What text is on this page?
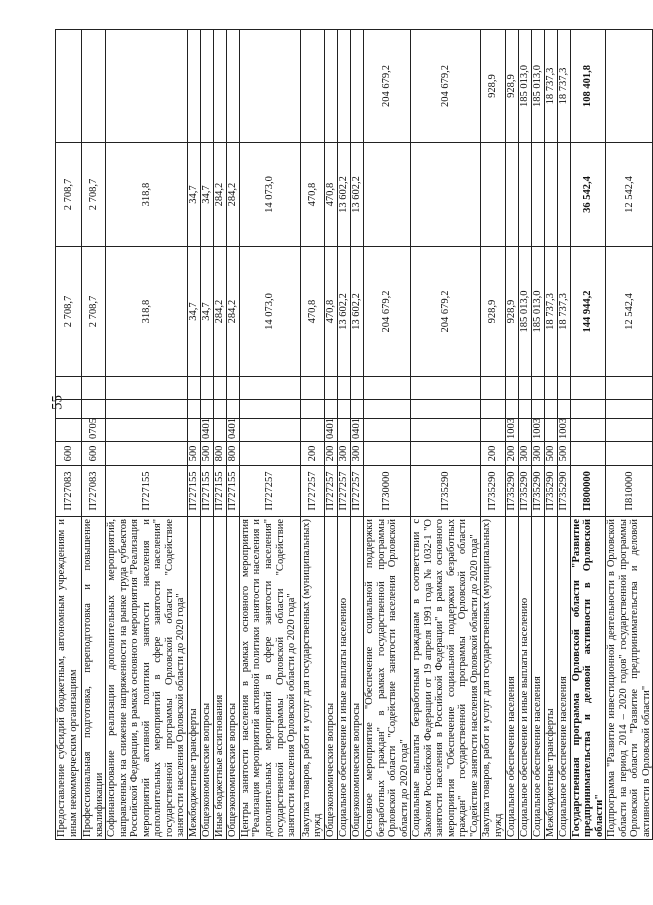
55
Предоставление субсидий бюджетным, автономным учреждениям и иным некоммерческим организациям	П727083	600				2 708,7	2 708,7	
Профессиональная подготовка, переподготовка и повышение квалификации	П727083	600	0705			2 708,7	2 708,7	
Софинансирование реализации дополнительных мероприятий, направленных на снижение напряженности на рынке труда субъектов Российской Федерации, в рамках основного мероприятия "Реализация мероприятий активной политики занятости населения и дополнительных мероприятий в сфере занятости населения" государственной программы Орловской области "Содействие занятости населения Орловской области до 2020 года"	П727155					318,8	318,8	
Межбюджетные трансферты	П727155	500				34,7	34,7	
Общеэкономические вопросы	П727155	500	0401			34,7	34,7	
Иные бюджетные ассигнования	П727155	800				284,2	284,2	
Общеэкономические вопросы	П727155	800	0401			284,2	284,2	
Центры занятости населения в рамках основного мероприятия "Реализация мероприятий активной политики занятости населения и дополнительных мероприятий в сфере занятости населения" государственной программы Орловской области "Содействие занятости населения Орловской области до 2020 года"	П727257					14 073,0	14 073,0	
Закупка товаров, работ и услуг для государственных (муниципальных) нужд	П727257	200				470,8	470,8	
Общеэкономические вопросы	П727257	200	0401			470,8	470,8	
Социальное обеспечение и иные выплаты населению	П727257	300				13 602,2	13 602,2	
Общеэкономические вопросы	П727257	300	0401			13 602,2	13 602,2	
Основное мероприятие "Обеспечение социальной поддержки безработных граждан" в рамках государственной программы Орловской области "Содействие занятости населения Орловской области до 2020 года"	П730000					204 679,2		204 679,2
Социальные выплаты безработным гражданам в соответствии с Законом Российской Федерации от 19 апреля 1991 года № 1032-1 "О занятости населения в Российской Федерации" в рамках основного мероприятия "Обеспечение социальной поддержки безработных граждан" государственной программы Орловской области "Содействие занятости населения Орловской области до 2020 года"	П735290					204 679,2		204 679,2
Закупка товаров, работ и услуг для государственных (муниципальных) нужд	П735290	200				928,9		928,9
Социальное обеспечение населения	П735290	200	1003			928,9		928,9
Социальное обеспечение и иные выплаты населению	П735290	300				185 013,0		185 013,0
Социальное обеспечение населения	П735290	300	1003			185 013,0		185 013,0
Межбюджетные трансферты	П735290	500				18 737,3		18 737,3
Социальное обеспечение населения	П735290	500	1003			18 737,3		18 737,3
Государственная программа Орловской области "Развитие предпринимательства и деловой активности в Орловской области"	П800000					144 944,2	36 542,4	108 401,8
Подпрограмма "Развитие инвестиционной деятельности в Орловской области на период 2014 – 2020 годов" государственной программы Орловской области "Развитие предпринимательства и деловой активности в Орловской области"	П810000					12 542,4	12 542,4	
